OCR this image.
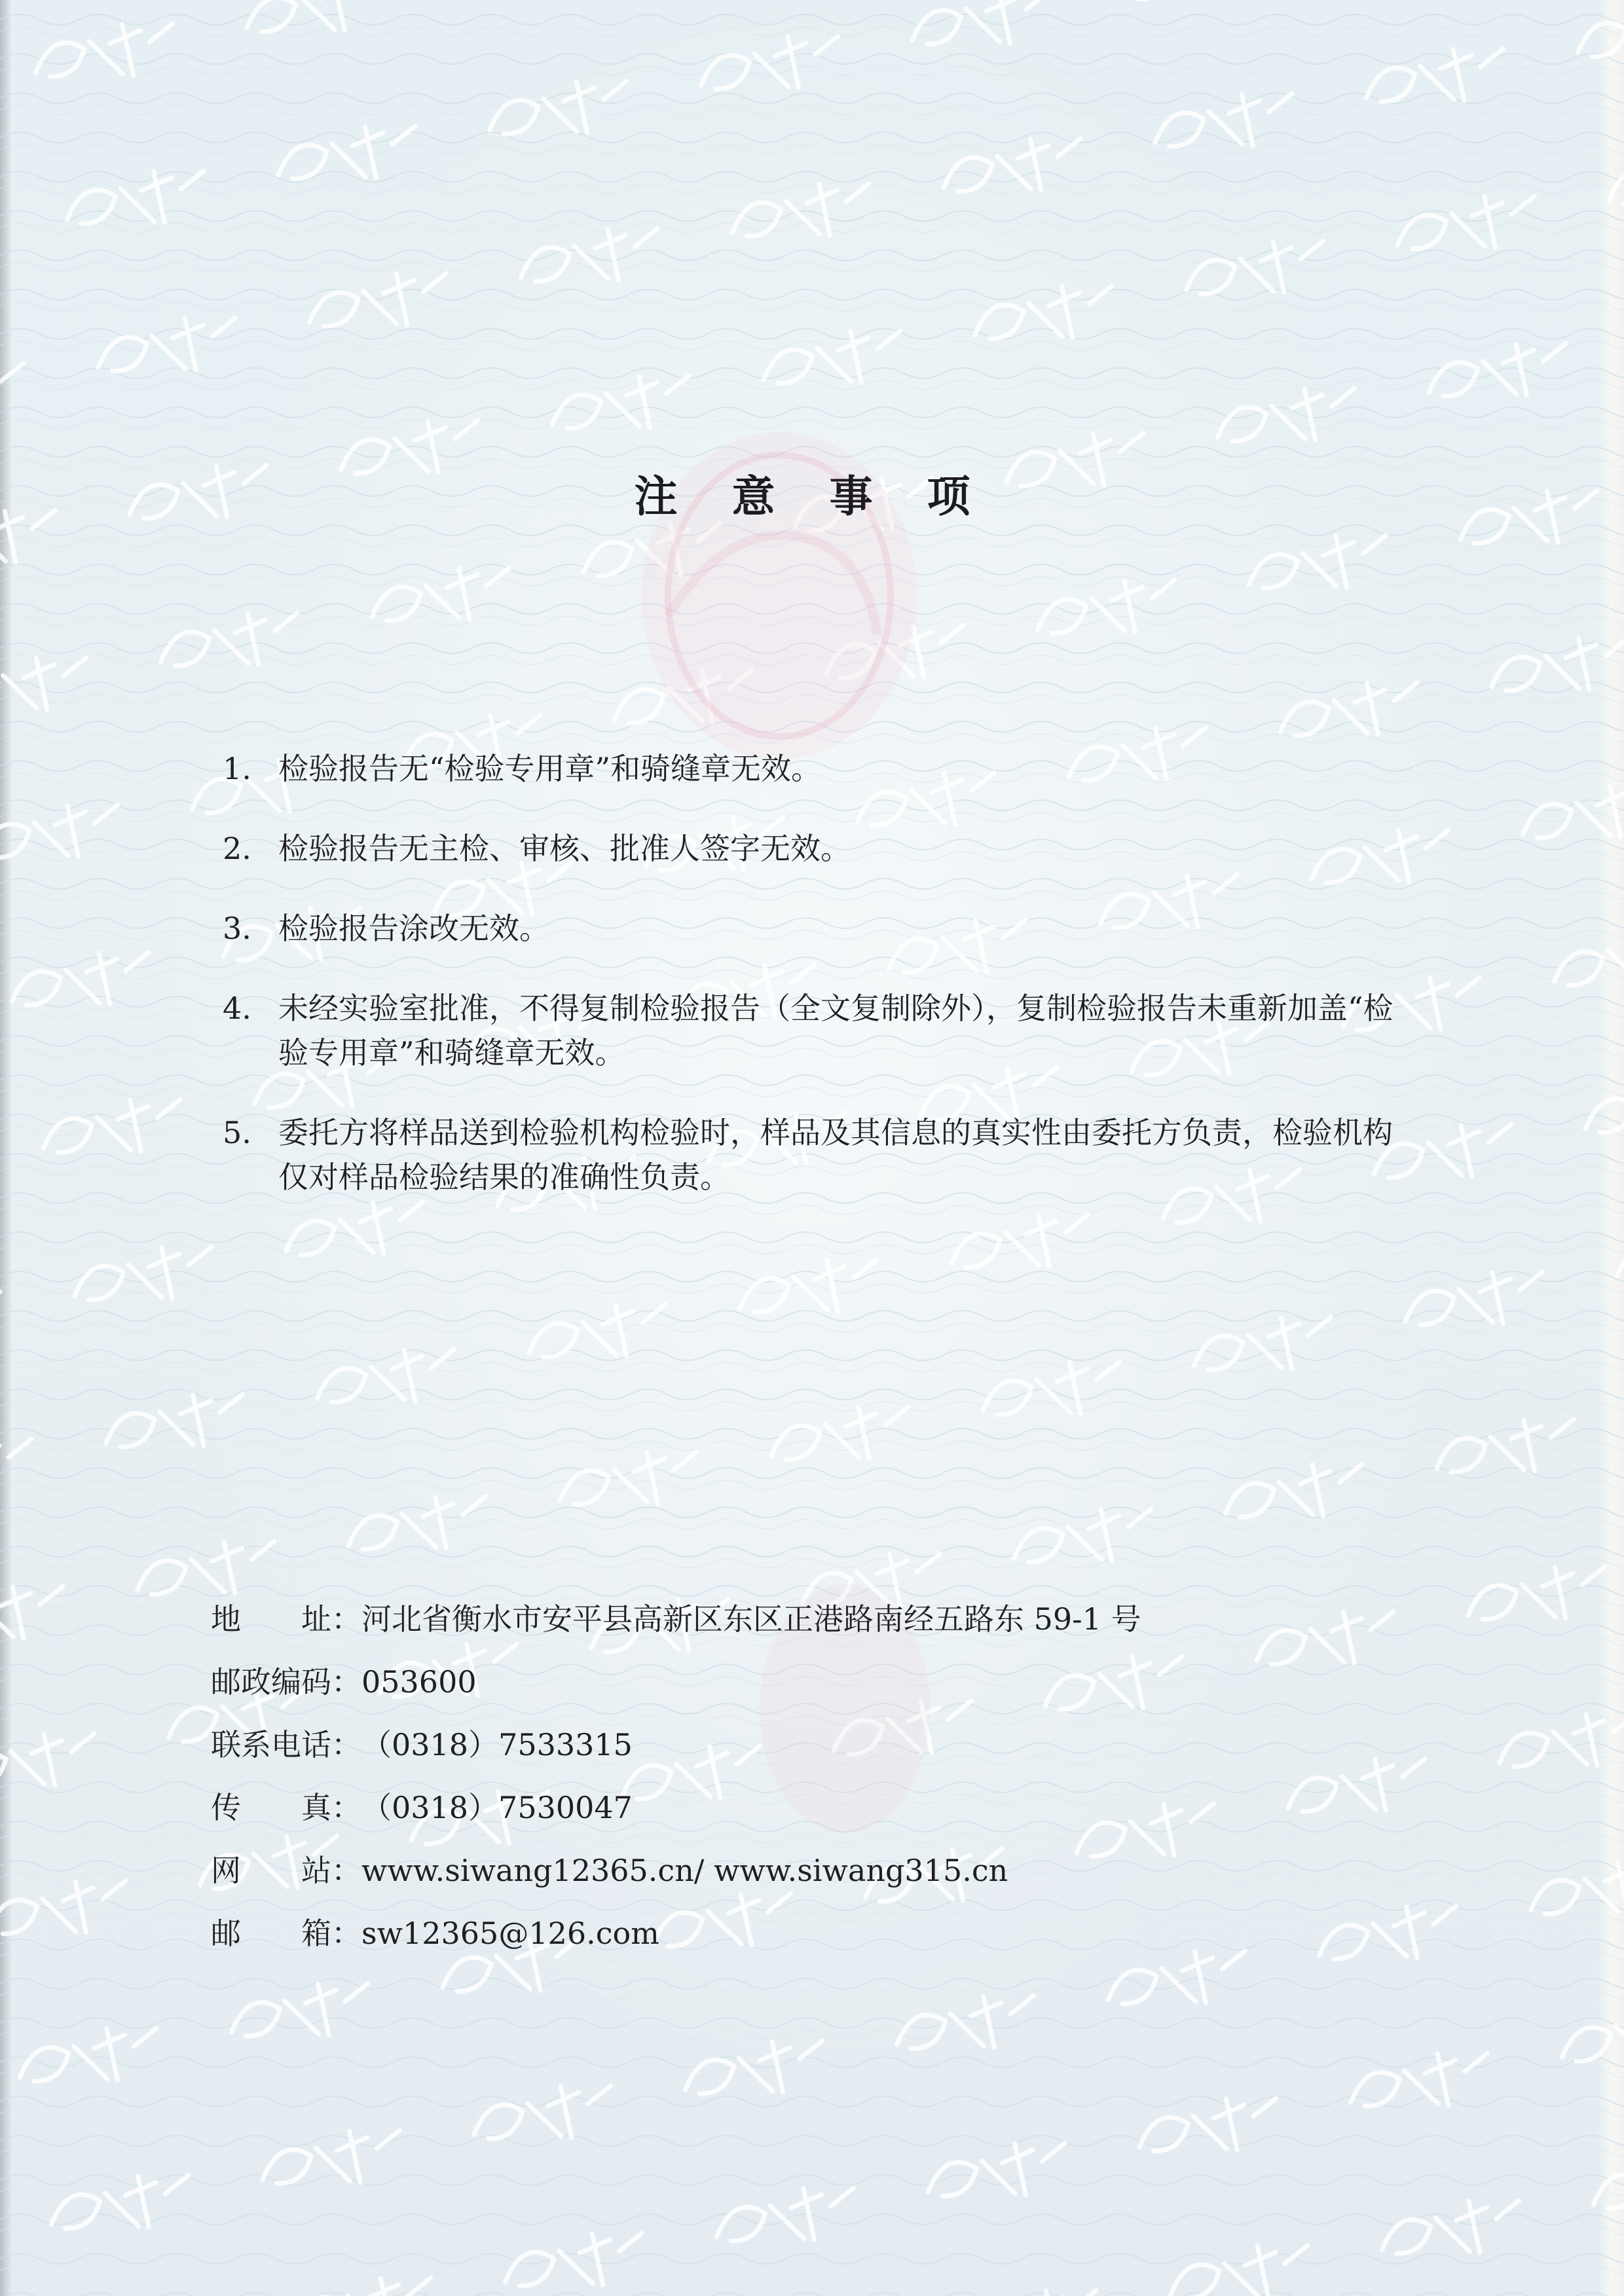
注 意 事 项
1. 检验报告无“检验专用章”和骑缝章无效。
2. 检验报告无主检、审核、批准人签字无效。
3. 检验报告涂改无效。
4. 未经实验室批准，不得复制检验报告（全文复制除外），复制检验报告未重新加盖“检验专用章”和骑缝章无效。
5. 委托方将样品送到检验机构检验时，样品及其信息的真实性由委托方负责，检验机构仅对样品检验结果的准确性负责。
地　　址：河北省衡水市安平县高新区东区正港路南经五路东 59-1 号
邮政编码：053600
联系电话：（0318）7533315
传　　真：（0318）7530047
网　　站：www.siwang12365.cn/ www.siwang315.cn
邮　　箱：sw12365@126.com
